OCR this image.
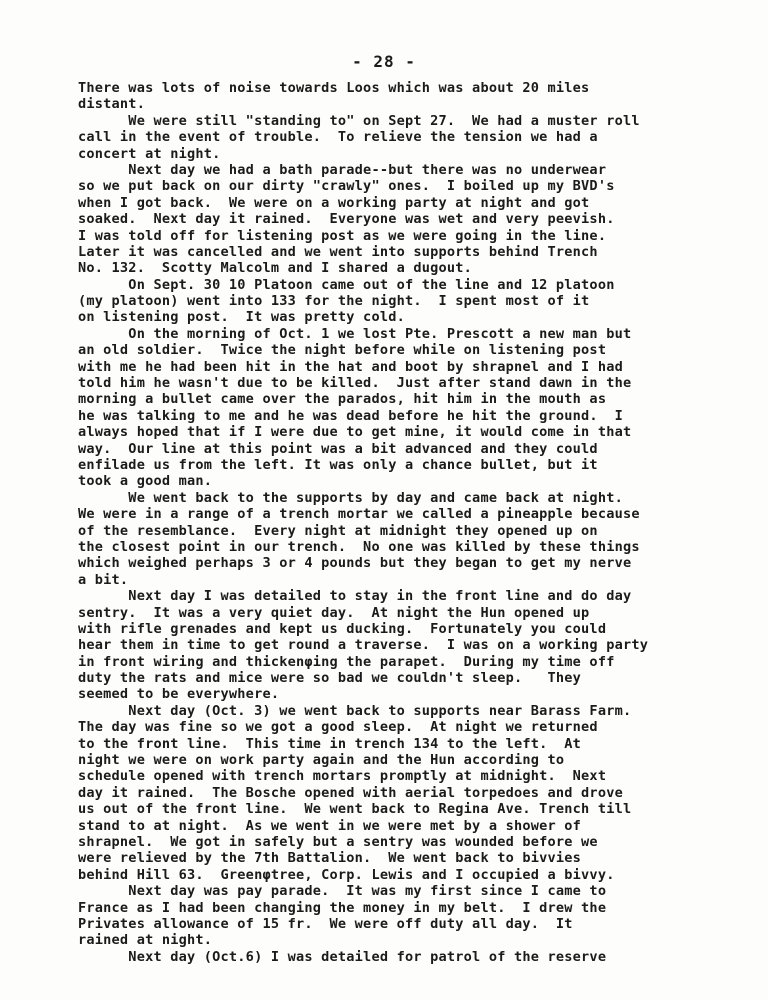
- 28 -
There was lots of noise towards Loos which was about 20 miles
distant.
We were still "standing to" on Sept 27.  We had a muster roll
call in the event of trouble.  To relieve the tension we had a
concert at night.
Next day we had a bath parade--but there was no underwear
so we put back on our dirty "crawly" ones.  I boiled up my BVD's
when I got back.  We were on a working party at night and got
soaked.  Next day it rained.  Everyone was wet and very peevish.
I was told off for listening post as we were going in the line.
Later it was cancelled and we went into supports behind Trench
No. 132.  Scotty Malcolm and I shared a dugout.
On Sept. 30 10 Platoon came out of the line and 12 platoon
(my platoon) went into 133 for the night.  I spent most of it
on listening post.  It was pretty cold.
On the morning of Oct. 1 we lost Pte. Prescott a new man but
an old soldier.  Twice the night before while on listening post
with me he had been hit in the hat and boot by shrapnel and I had
told him he wasn't due to be killed.  Just after stand dawn in the
morning a bullet came over the parados, hit him in the mouth as
he was talking to me and he was dead before he hit the ground.  I
always hoped that if I were due to get mine, it would come in that
way.  Our line at this point was a bit advanced and they could
enfilade us from the left. It was only a chance bullet, but it
took a good man.
We went back to the supports by day and came back at night.
We were in a range of a trench mortar we called a pineapple because
of the resemblance.  Every night at midnight they opened up on
the closest point in our trench.  No one was killed by these things
which weighed perhaps 3 or 4 pounds but they began to get my nerve
a bit.
Next day I was detailed to stay in the front line and do day
sentry.  It was a very quiet day.  At night the Hun opened up
with rifle grenades and kept us ducking.  Fortunately you could
hear them in time to get round a traverse.  I was on a working party
in front wiring and thickenφing the parapet.  During my time off
duty the rats and mice were so bad we couldn't sleep.   They
seemed to be everywhere.
Next day (Oct. 3) we went back to supports near Barass Farm.
The day was fine so we got a good sleep.  At night we returned
to the front line.  This time in trench 134 to the left.  At
night we were on work party again and the Hun according to
schedule opened with trench mortars promptly at midnight.  Next
day it rained.  The Bosche opened with aerial torpedoes and drove
us out of the front line.  We went back to Regina Ave. Trench till
stand to at night.  As we went in we were met by a shower of
shrapnel.  We got in safely but a sentry was wounded before we
were relieved by the 7th Battalion.  We went back to bivvies
behind Hill 63.  Greenφtree, Corp. Lewis and I occupied a bivvy.
Next day was pay parade.  It was my first since I came to
France as I had been changing the money in my belt.  I drew the
Privates allowance of 15 fr.  We were off duty all day.  It
rained at night.
Next day (Oct.6) I was detailed for patrol of the reserve
